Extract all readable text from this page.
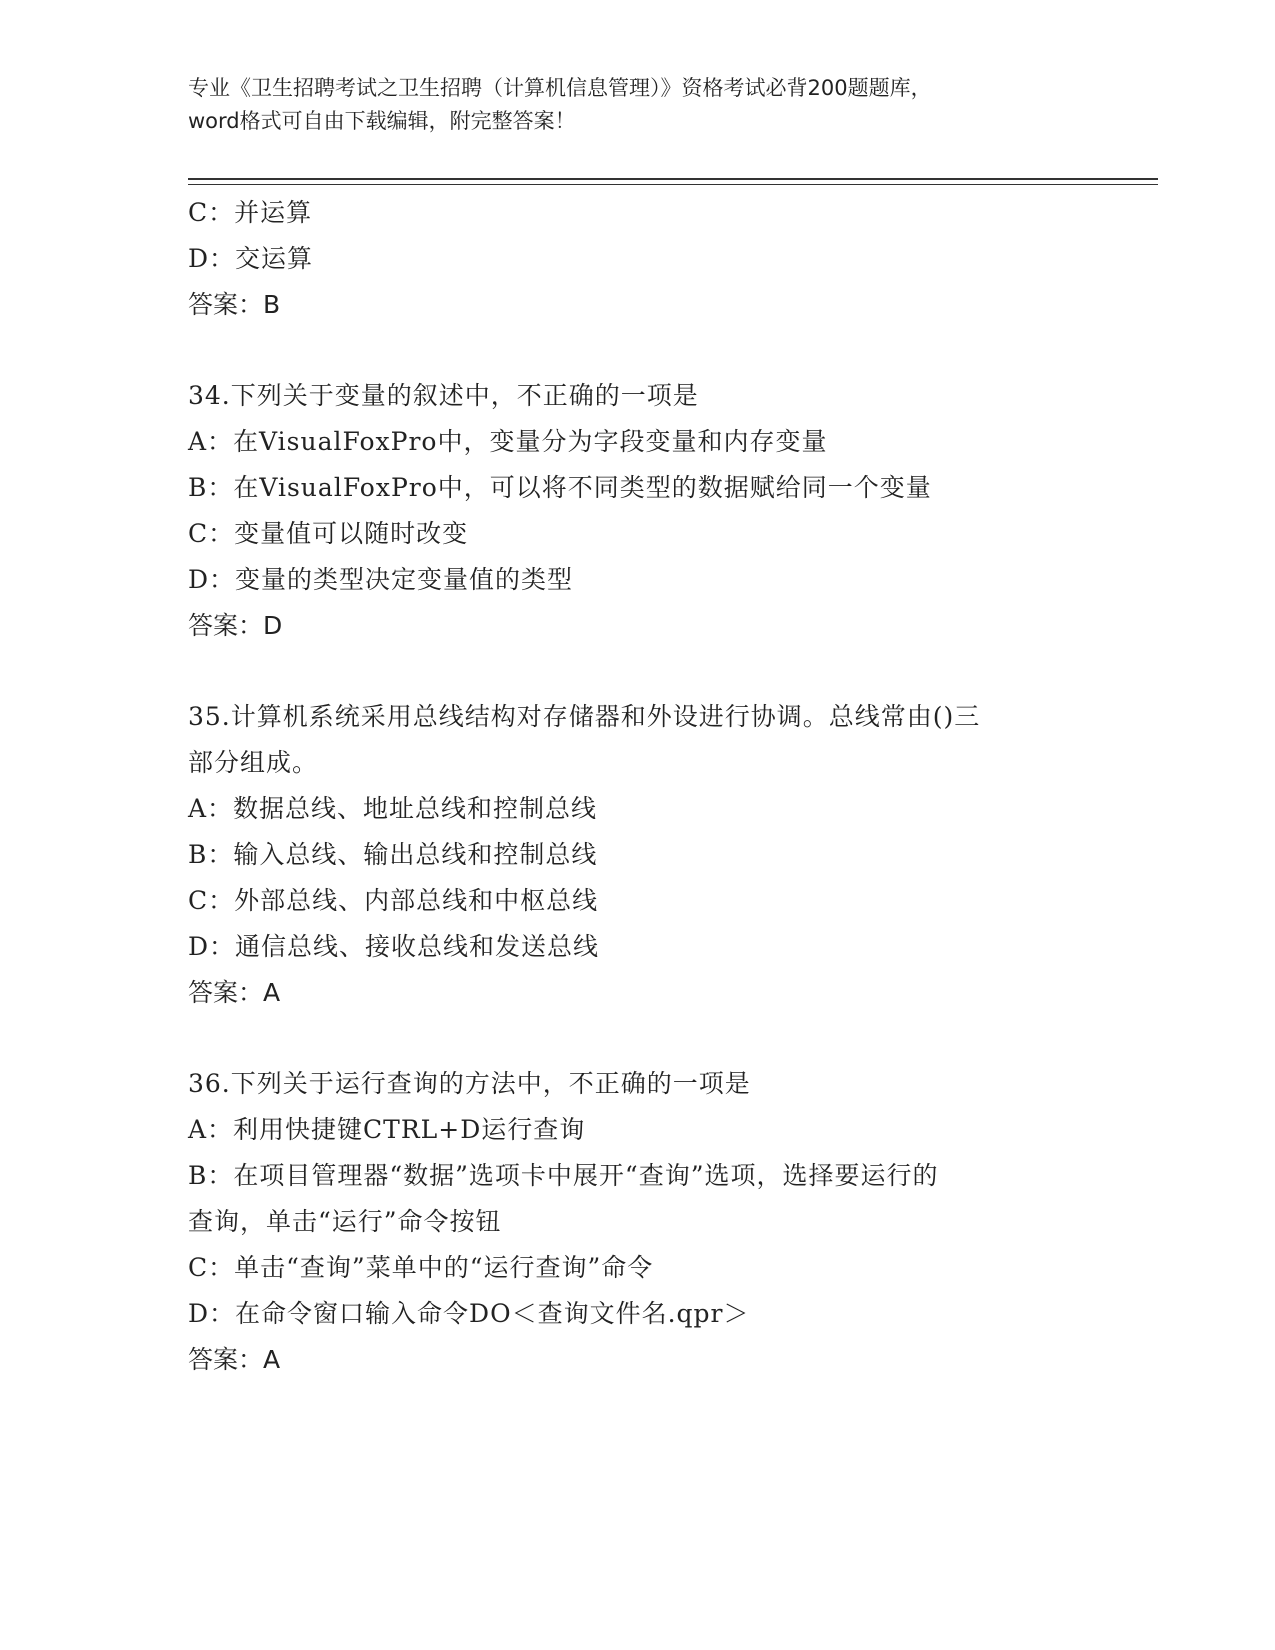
专业《卫生招聘考试之卫生招聘（计算机信息管理）》资格考试必背200题题库，
word格式可自由下载编辑，附完整答案！
C：并运算
D：交运算
答案：B
34.下列关于变量的叙述中，不正确的一项是
A：在VisualFoxPro中，变量分为字段变量和内存变量
B：在VisualFoxPro中，可以将不同类型的数据赋给同一个变量
C：变量值可以随时改变
D：变量的类型决定变量值的类型
答案：D
35.计算机系统采用总线结构对存储器和外设进行协调。总线常由()三
部分组成。
A：数据总线、地址总线和控制总线
B：输入总线、输出总线和控制总线
C：外部总线、内部总线和中枢总线
D：通信总线、接收总线和发送总线
答案：A
36.下列关于运行查询的方法中，不正确的一项是
A：利用快捷键CTRL+D运行查询
B：在项目管理器“数据”选项卡中展开“查询”选项，选择要运行的
查询，单击“运行”命令按钮
C：单击“查询”菜单中的“运行查询”命令
D：在命令窗口输入命令DO＜查询文件名.qpr＞
答案：A
